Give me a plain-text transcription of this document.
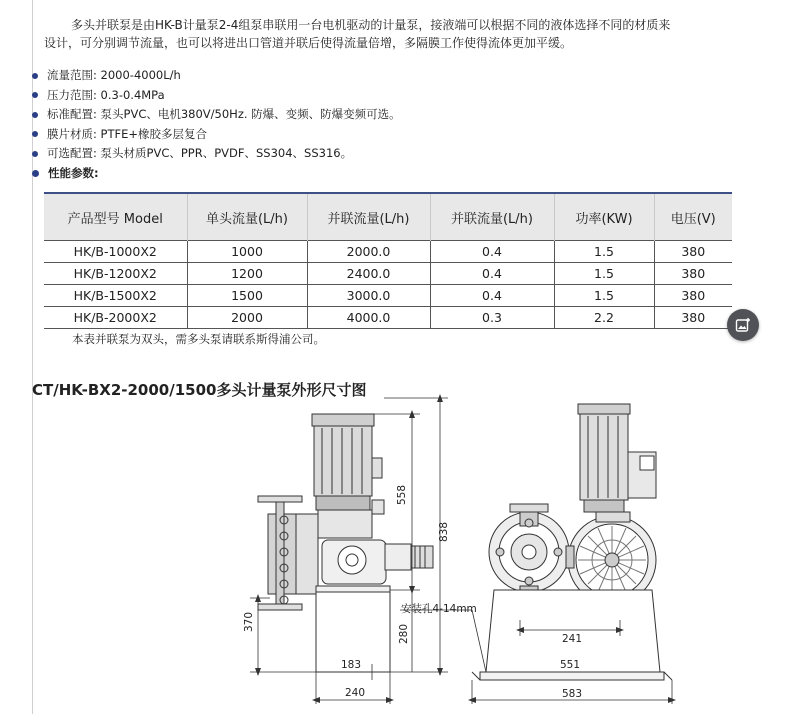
多头并联泵是由HK-B计量泵2-4组泵串联用一台电机驱动的计量泵，接液端可以根据不同的液体选择不同的材质来
设计，可分别调节流量，也可以将进出口管道并联后使得流量倍增，多隔膜工作使得流体更加平缓。
流量范围: 2000-4000L/h
压力范围: 0.3-0.4MPa
标准配置: 泵头PVC、电机380V/50Hz. 防爆、变频、防爆变频可选。
膜片材质: PTFE+橡胶多层复合
可选配置: 泵头材质PVC、PPR、PVDF、SS304、SS316。
性能参数:
产品型号 Model	单头流量(L/h)	并联流量(L/h)	并联流量(L/h)	功率(KW)	电压(V)
HK/B-1000X2	1000	2000.0	0.4	1.5	380
HK/B-1200X2	1200	2400.0	0.4	1.5	380
HK/B-1500X2	1500	3000.0	0.4	1.5	380
HK/B-2000X2	2000	4000.0	0.3	2.2	380
本表并联泵为双头，需多头泵请联系斯得浦公司。
CT/HK-BX2-2000/1500多头计量泵外形尺寸图
558
838
370
280
183
240
241
551
583
安装孔4-14mm
